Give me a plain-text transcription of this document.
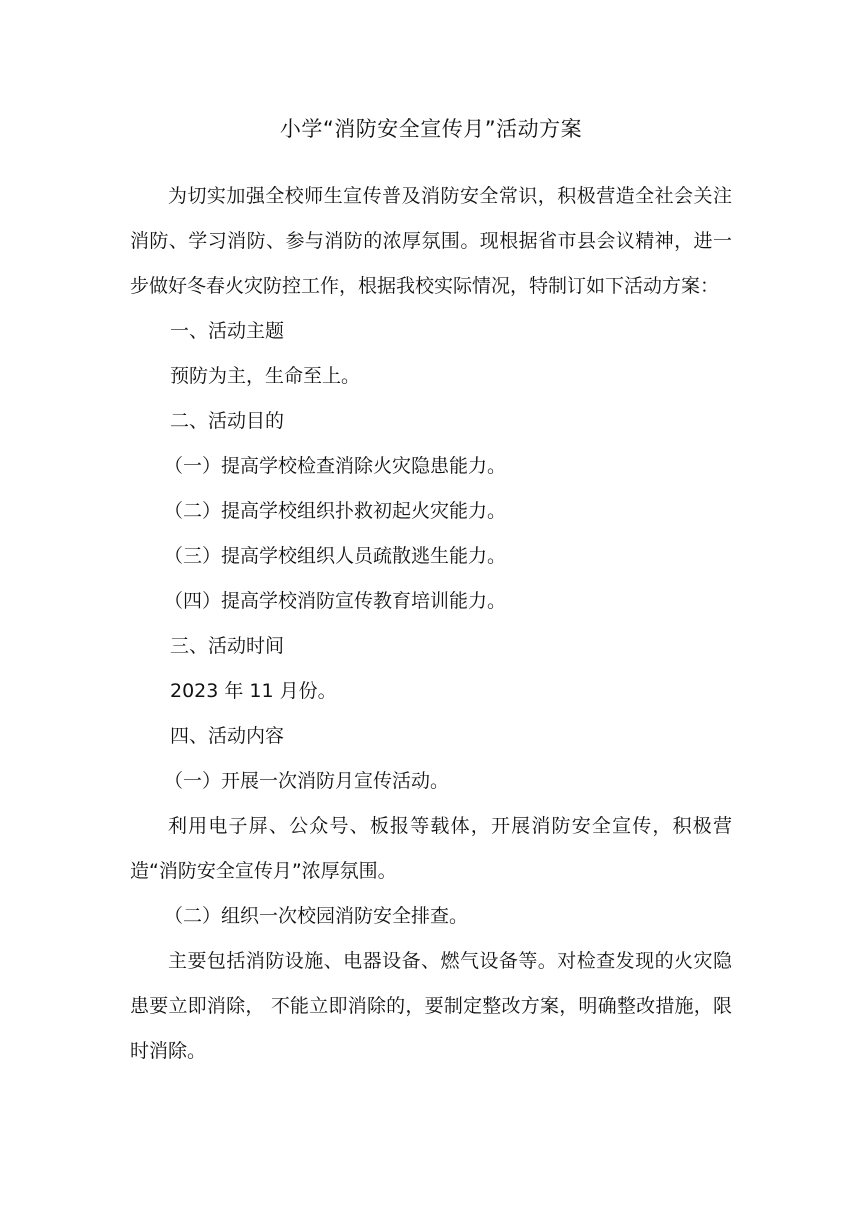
小学“消防安全宣传月”活动方案

为切实加强全校师生宣传普及消防安全常识，积极营造全社会关注消防、学习消防、参与消防的浓厚氛围。现根据省市县会议精神，进一步做好冬春火灾防控工作，根据我校实际情况，特制订如下活动方案：

一、活动主题

预防为主，生命至上。

二、活动目的

（一）提高学校检查消除火灾隐患能力。

（二）提高学校组织扑救初起火灾能力。

（三）提高学校组织人员疏散逃生能力。

（四）提高学校消防宣传教育培训能力。

三、活动时间

2023 年 11 月份。

四、活动内容

（一）开展一次消防月宣传活动。

利用电子屏、公众号、板报等载体，开展消防安全宣传，积极营造“消防安全宣传月”浓厚氛围。

（二）组织一次校园消防安全排查。

主要包括消防设施、电器设备、燃气设备等。对检查发现的火灾隐患要立即消除， 不能立即消除的，要制定整改方案，明确整改措施，限时消除。
